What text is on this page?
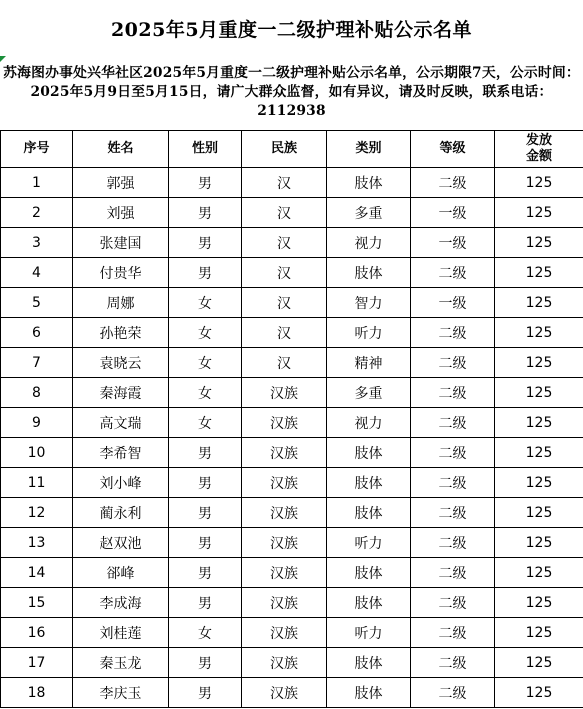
2025年5月重度一二级护理补贴公示名单
苏海图办事处兴华社区2025年5月重度一二级护理补贴公示名单，公示期限7天，公示时间：2025年5月9日至5月15日，请广大群众监督，如有异议，请及时反映，联系电话：2112938
序号	姓名	性别	民族	类别	等级	发放
金额

1	郭强	男	汉	肢体	二级	125
2	刘强	男	汉	多重	一级	125
3	张建国	男	汉	视力	一级	125
4	付贵华	男	汉	肢体	二级	125
5	周娜	女	汉	智力	一级	125
6	孙艳荣	女	汉	听力	二级	125
7	袁晓云	女	汉	精神	二级	125
8	秦海霞	女	汉族	多重	二级	125
9	高文瑞	女	汉族	视力	二级	125
10	李希智	男	汉族	肢体	二级	125
11	刘小峰	男	汉族	肢体	二级	125
12	蔺永利	男	汉族	肢体	二级	125
13	赵双池	男	汉族	听力	二级	125
14	郤峰	男	汉族	肢体	二级	125
15	李成海	男	汉族	肢体	二级	125
16	刘桂莲	女	汉族	听力	二级	125
17	秦玉龙	男	汉族	肢体	二级	125
18	李庆玉	男	汉族	肢体	二级	125
